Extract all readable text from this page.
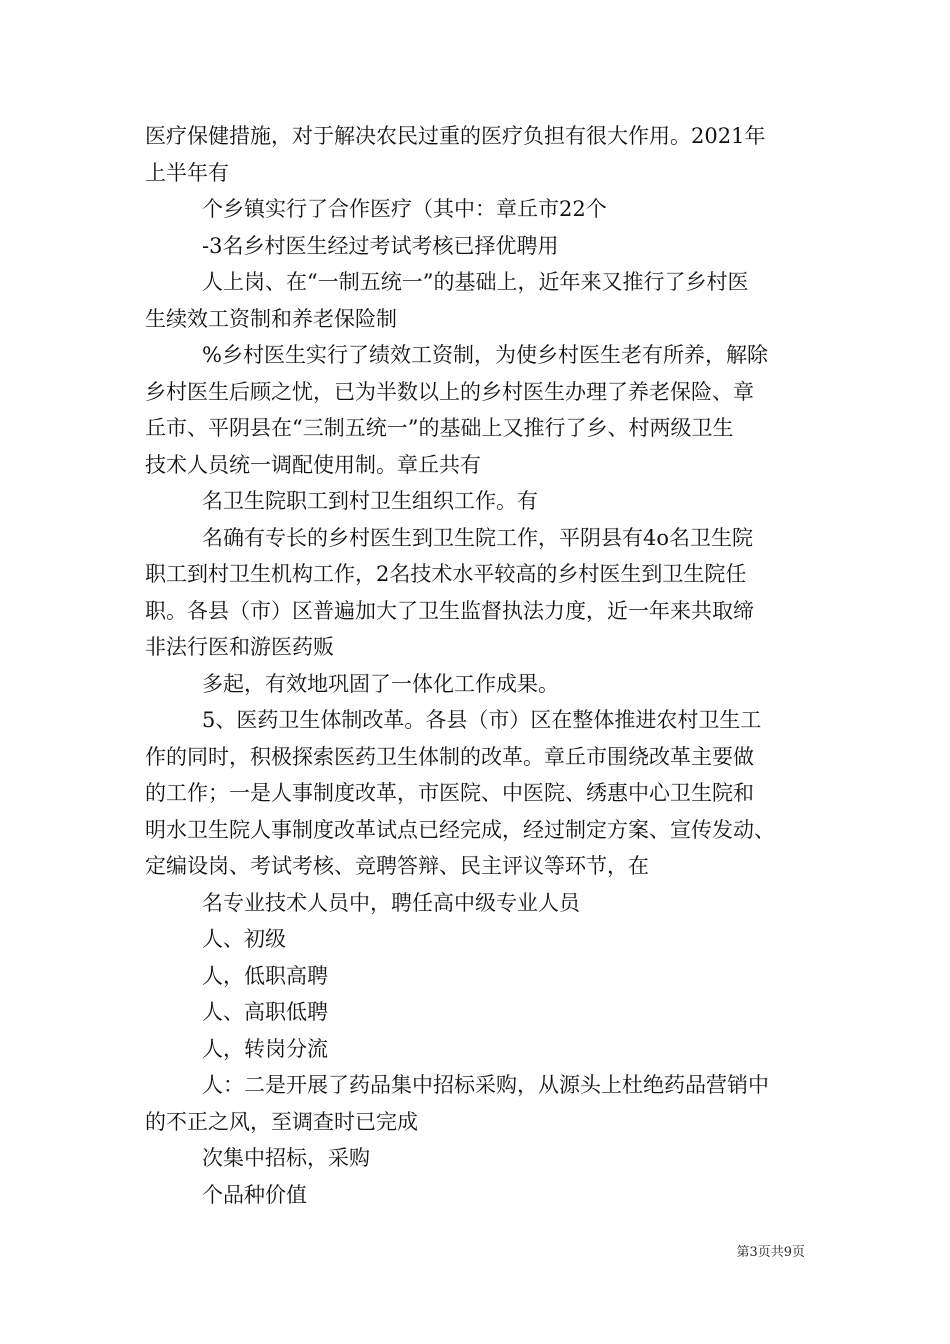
医疗保健措施，对于解决农民过重的医疗负担有很大作用。2021年

上半年有

个乡镇实行了合作医疗（其中：章丘市22个

-3名乡村医生经过考试考核已择优聘用

人上岗、在“一制五统一”的基础上，近年来又推行了乡村医

生续效工资制和养老保险制

%乡村医生实行了绩效工资制，为使乡村医生老有所养，解除

乡村医生后顾之忧，已为半数以上的乡村医生办理了养老保险、章

丘市、平阴县在“三制五统一”的基础上又推行了乡、村两级卫生

技术人员统一调配使用制。章丘共有

名卫生院职工到村卫生组织工作。有

名确有专长的乡村医生到卫生院工作，平阴县有4o名卫生院

职工到村卫生机构工作，2名技术水平较高的乡村医生到卫生院任

职。各县（市）区普遍加大了卫生监督执法力度，近一年来共取缔

非法行医和游医药贩

多起，有效地巩固了一体化工作成果。

5、医药卫生体制改革。各县（市）区在整体推进农村卫生工

作的同时，积极探索医药卫生体制的改革。章丘市围绕改革主要做

的工作；一是人事制度改革，市医院、中医院、绣惠中心卫生院和

明水卫生院人事制度改革试点已经完成，经过制定方案、宣传发动、

定编设岗、考试考核、竞聘答辩、民主评议等环节，在

名专业技术人员中，聘任高中级专业人员

人、初级

人，低职高聘

人、高职低聘

人，转岗分流

人：二是开展了药品集中招标采购，从源头上杜绝药品营销中

的不正之风，至调查时已完成

次集中招标，采购

个品种价值

第3页共9页
